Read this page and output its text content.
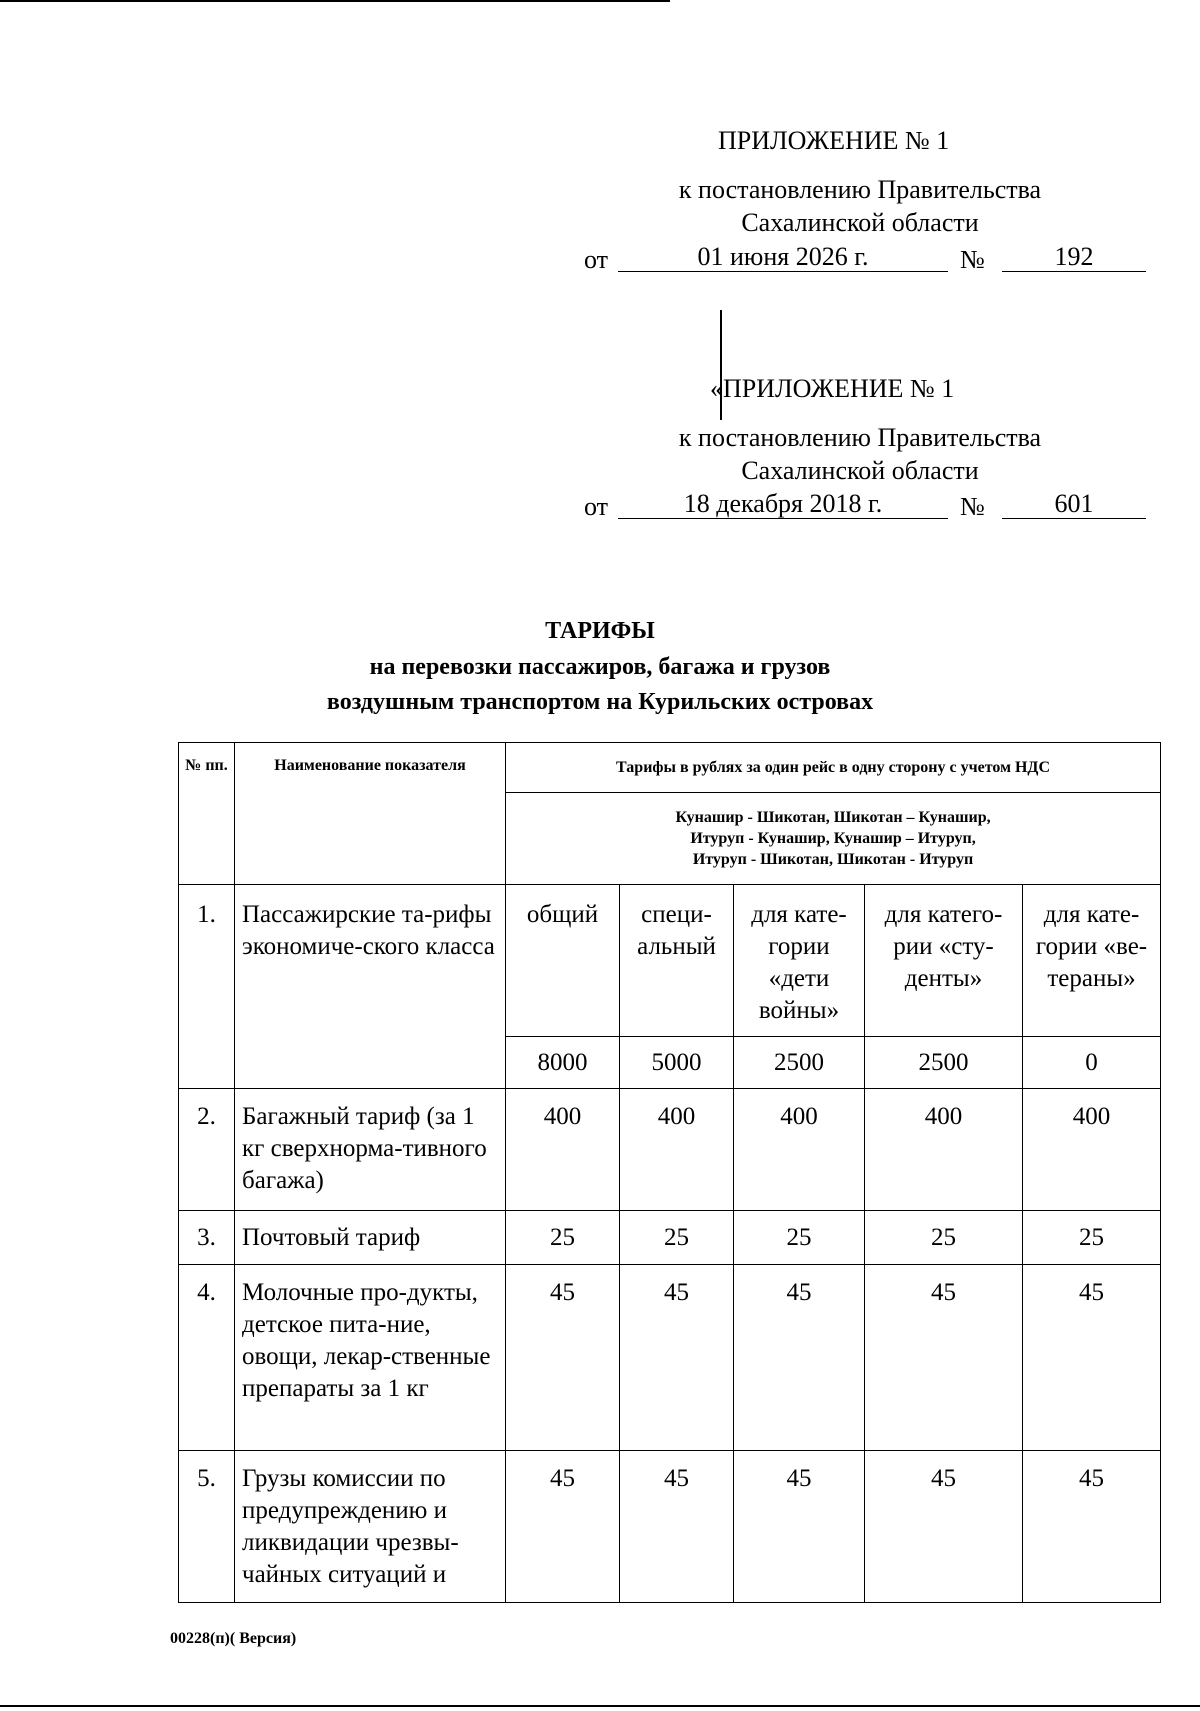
ПРИЛОЖЕНИЕ № 1
к постановлению Правительства
Сахалинской области
от	01 июня 2026 г.	№	192
«ПРИЛОЖЕНИЕ № 1
к постановлению Правительства
Сахалинской области
от	18 декабря 2018 г.	№	601
ТАРИФЫ
на перевозки пассажиров, багажа и грузов
воздушным транспортом на Курильских островах
№ пп.	Наименование показателя	Тарифы в рублях за один рейс в одну сторону с учетом НДС				

		Кунашир - Шикотан, Шикотан – Кунашир,
Итуруп - Кунашир, Кунашир – Итуруп,
Итуруп - Шикотан, Шикотан - Итуруп				

1.	Пассажирские та-рифы экономиче-ского класса	общий	специ-альный	для кате-гории «дети войны»	для катего-рии «сту-денты»	для кате-гории «ве-тераны»
		8000	5000	2500	2500	0
2.	Багажный тариф (за 1 кг сверхнорма-тивного багажа)	400	400	400	400	400
3.	Почтовый тариф	25	25	25	25	25
4.	Молочные про-дукты, детское пита-ние, овощи, лекар-ственные препараты за 1 кг	45	45	45	45	45
5.	Грузы комиссии по предупреждению и ликвидации чрезвы-чайных ситуаций и	45	45	45	45	45
00228(п)( Версия)
